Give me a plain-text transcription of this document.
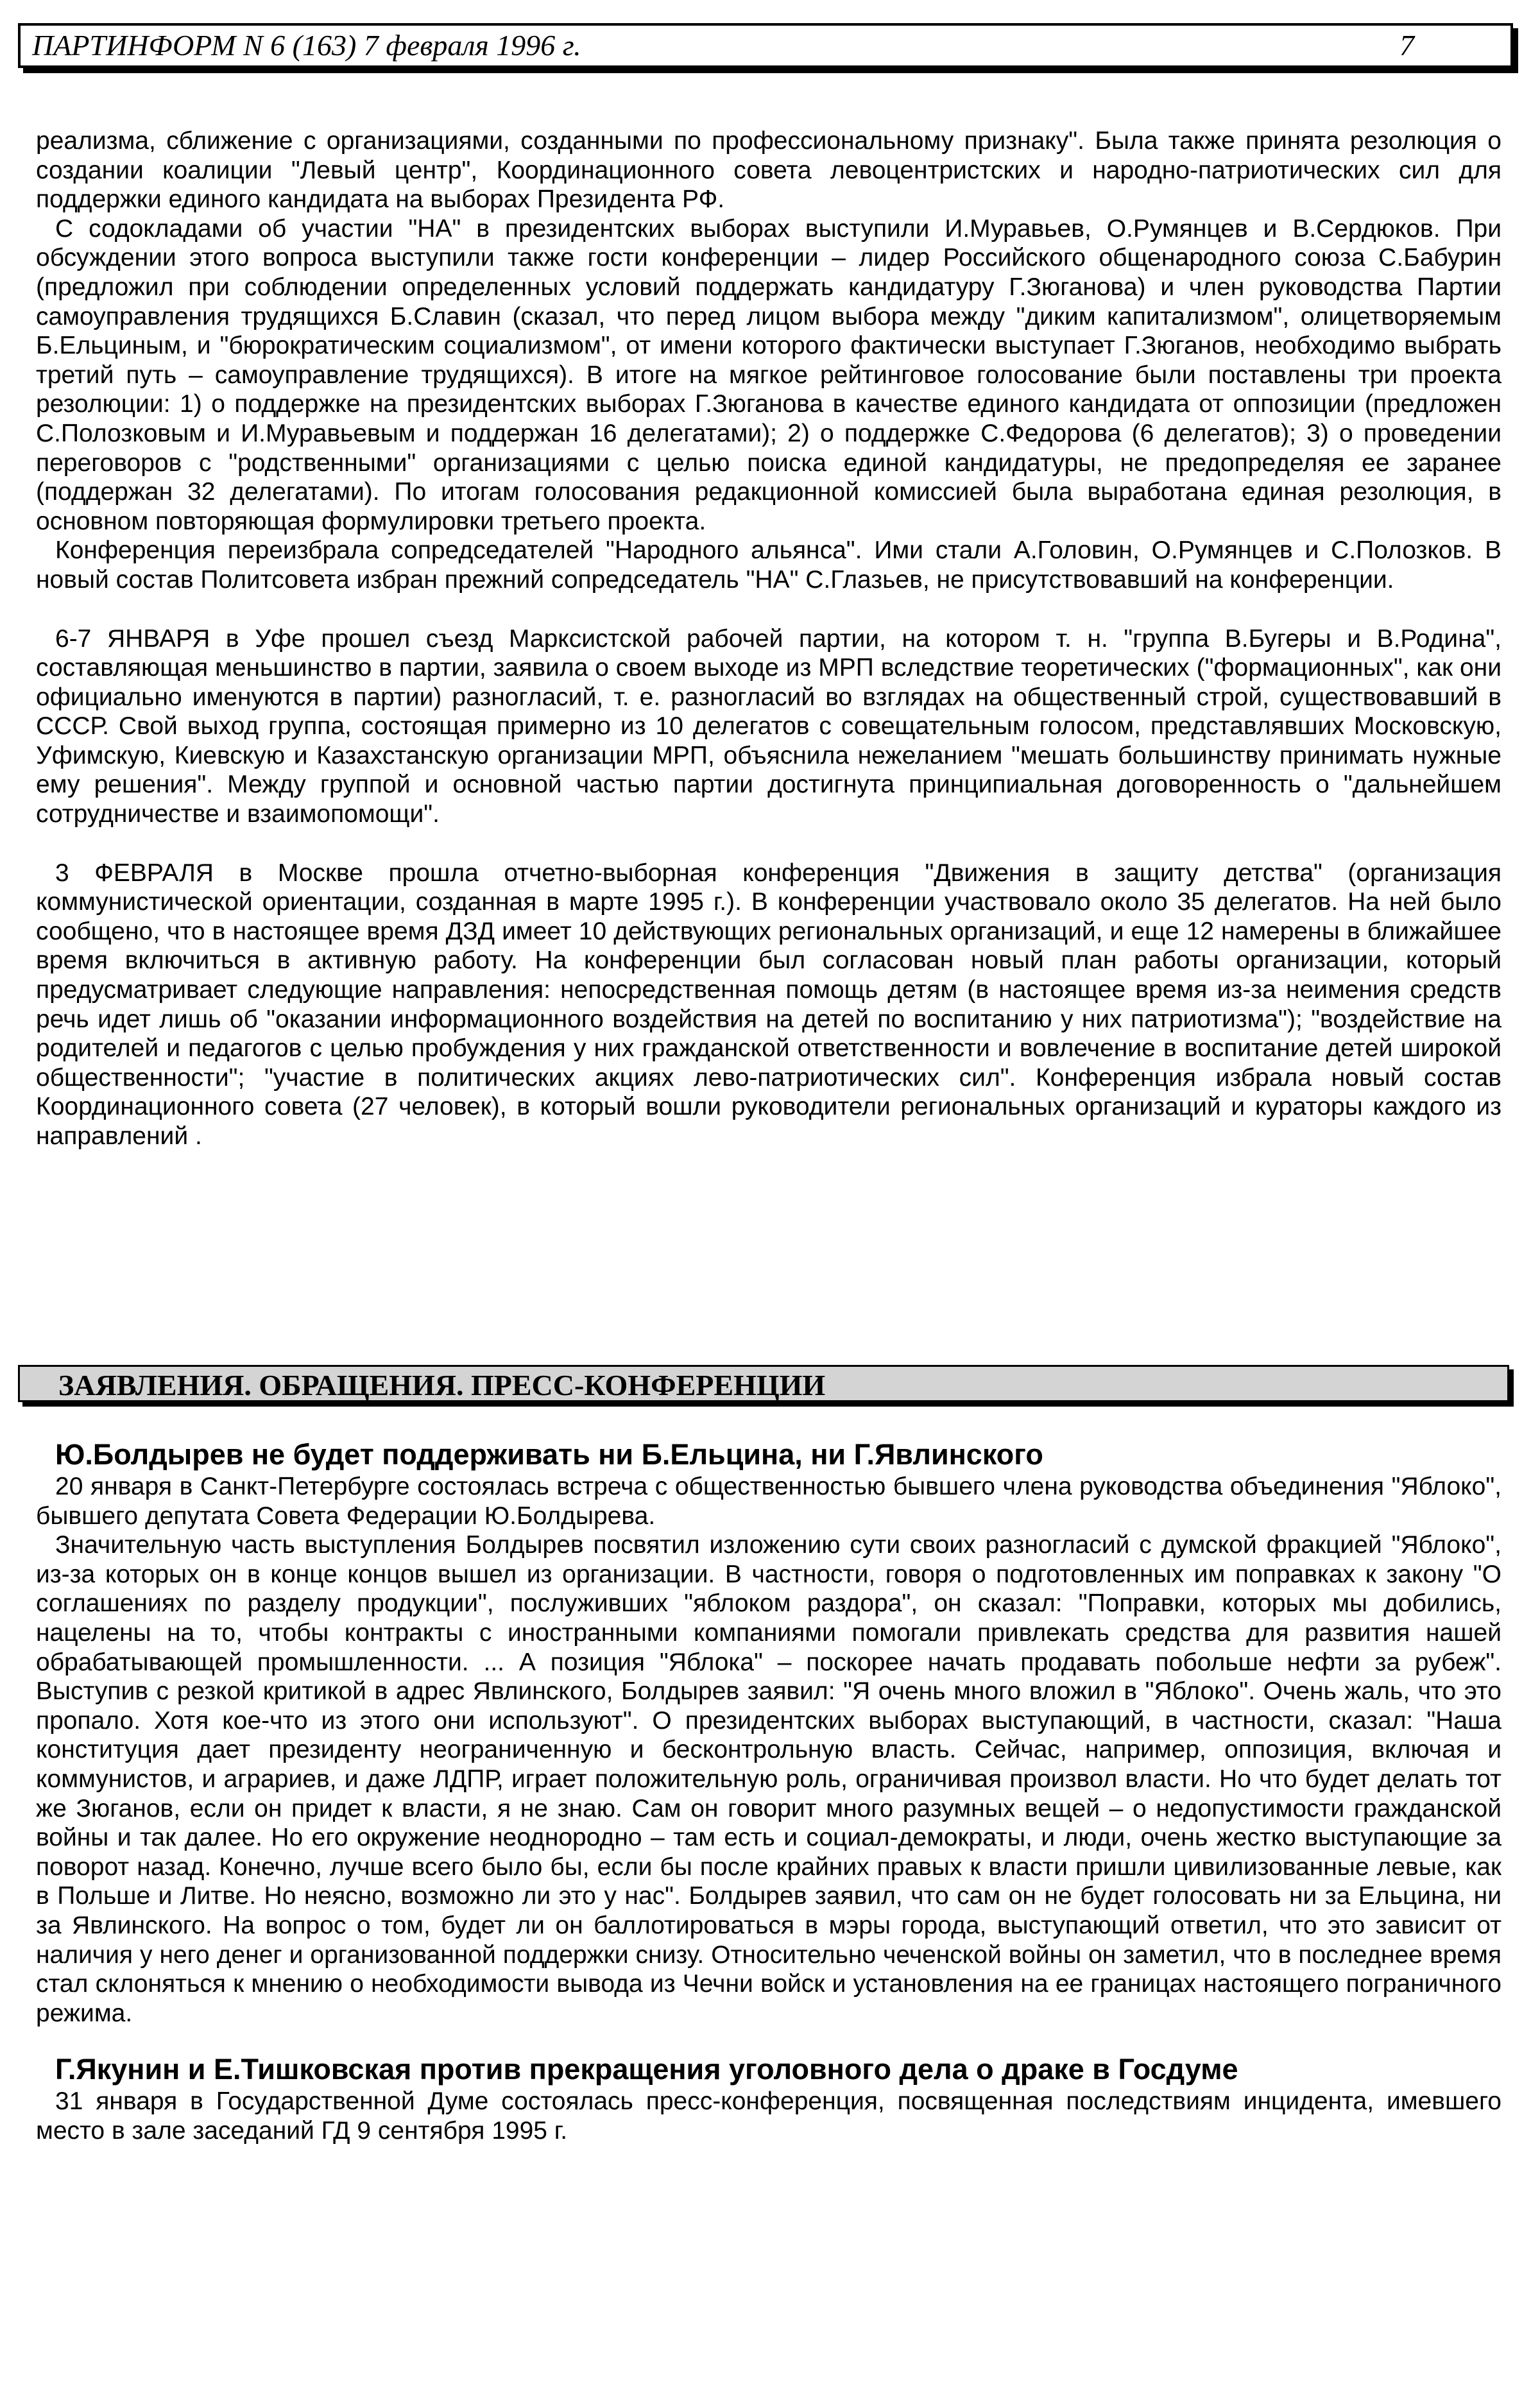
ПАРТИНФОРМ N 6 (163) 7 февраля 1996 г.	7

реализма, сближение с организациями, созданными по профессиональному признаку". Была также принята резолюция о создании коалиции "Левый центр", Координационного совета левоцентристских и народно-патриотических сил для поддержки единого кандидата на выборах Президента РФ.

С содокладами об участии "НА" в президентских выборах выступили И.Муравьев, О.Румянцев и В.Сердюков. При обсуждении этого вопроса выступили также гости конференции – лидер Российского общенародного союза С.Бабурин (предложил при соблюдении определенных условий поддержать кандидатуру Г.Зюганова) и член руководства Партии самоуправления трудящихся Б.Славин (сказал, что перед лицом выбора между "диким капитализмом", олицетворяемым Б.Ельциным, и "бюрократическим социализмом", от имени которого фактически выступает Г.Зюганов, необходимо выбрать третий путь – самоуправление трудящихся). В итоге на мягкое рейтинговое голосование были поставлены три проекта резолюции: 1) о поддержке на президентских выборах Г.Зюганова в качестве единого кандидата от оппозиции (предложен С.Полозковым и И.Муравьевым и поддержан 16 делегатами); 2) о поддержке С.Федорова (6 делегатов); 3) о проведении переговоров с "родственными" организациями с целью поиска единой кандидатуры, не предопределяя ее заранее (поддержан 32 делегатами). По итогам голосования редакционной комиссией была выработана единая резолюция, в основном повторяющая формулировки третьего проекта.

Конференция переизбрала сопредседателей "Народного альянса". Ими стали А.Головин, О.Румянцев и С.Полозков. В новый состав Политсовета избран прежний сопредседатель "НА" С.Глазьев, не присутствовавший на конференции.

6-7 ЯНВАРЯ в Уфе прошел съезд Марксистской рабочей партии, на котором т. н. "группа В.Бугеры и В.Родина", составляющая меньшинство в партии, заявила о своем выходе из МРП вследствие теоретических ("формационных", как они официально именуются в партии) разногласий, т. е. разногласий во взглядах на общественный строй, существовавший в СССР. Свой выход группа, состоящая примерно из 10 делегатов с совещательным голосом, представлявших Московскую, Уфимскую, Киевскую и Казахстанскую организации МРП, объяснила нежеланием "мешать большинству принимать нужные ему решения". Между группой и основной частью партии достигнута принципиальная договоренность о "дальнейшем сотрудничестве и взаимопомощи".

3 ФЕВРАЛЯ в Москве прошла отчетно-выборная конференция "Движения в защиту детства" (организация коммунистической ориентации, созданная в марте 1995 г.). В конференции участвовало около 35 делегатов. На ней было сообщено, что в настоящее время ДЗД имеет 10 действующих региональных организаций, и еще 12 намерены в ближайшее время включиться в активную работу. На конференции был согласован новый план работы организации, который предусматривает следующие направления: непосредственная помощь детям (в настоящее время из-за неимения средств речь идет лишь об "оказании информационного воздействия на детей по воспитанию у них патриотизма"); "воздействие на родителей и педагогов с целью пробуждения у них гражданской ответственности и вовлечение в воспитание детей широкой общественности"; "участие в политических акциях лево-патриотических сил". Конференция избрала новый состав Координационного совета (27 человек), в который вошли руководители региональных организаций и кураторы каждого из направлений .

ЗАЯВЛЕНИЯ. ОБРАЩЕНИЯ. ПРЕСС-КОНФЕРЕНЦИИ
Ю.Болдырев не будет поддерживать ни Б.Ельцина, ни Г.Явлинского

20 января в Санкт-Петербурге состоялась встреча с общественностью бывшего члена руководства объединения "Яблоко", бывшего депутата Совета Федерации Ю.Болдырева.

Значительную часть выступления Болдырев посвятил изложению сути своих разногласий с думской фракцией "Яблоко", из-за которых он в конце концов вышел из организации. В частности, говоря о подготовленных им поправках к закону "О соглашениях по разделу продукции", послуживших "яблоком раздора", он сказал: "Поправки, которых мы добились, нацелены на то, чтобы контракты с иностранными компаниями помогали привлекать средства для развития нашей обрабатывающей промышленности. ... А позиция "Яблока" – поскорее начать продавать побольше нефти за рубеж". Выступив с резкой критикой в адрес Явлинского, Болдырев заявил: "Я очень много вложил в "Яблоко". Очень жаль, что это пропало. Хотя кое-что из этого они используют". О президентских выборах выступающий, в частности, сказал: "Наша конституция дает президенту неограниченную и бесконтрольную власть. Сейчас, например, оппозиция, включая и коммунистов, и аграриев, и даже ЛДПР, играет положительную роль, ограничивая произвол власти. Но что будет делать тот же Зюганов, если он придет к власти, я не знаю. Сам он говорит много разумных вещей – о недопустимости гражданской войны и так далее. Но его окружение неоднородно – там есть и социал-демократы, и люди, очень жестко выступающие за поворот назад. Конечно, лучше всего было бы, если бы после крайних правых к власти пришли цивилизованные левые, как в Польше и Литве. Но неясно, возможно ли это у нас". Болдырев заявил, что сам он не будет голосовать ни за Ельцина, ни за Явлинского. На вопрос о том, будет ли он баллотироваться в мэры города, выступающий ответил, что это зависит от наличия у него денег и организованной поддержки снизу. Относительно чеченской войны он заметил, что в последнее время стал склоняться к мнению о необходимости вывода из Чечни войск и установления на ее границах настоящего пограничного режима.

Г.Якунин и Е.Тишковская против прекращения уголовного дела о драке в Госдуме

31 января в Государственной Думе состоялась пресс-конференция, посвященная последствиям инцидента, имевшего место в зале заседаний ГД 9 сентября 1995 г.
